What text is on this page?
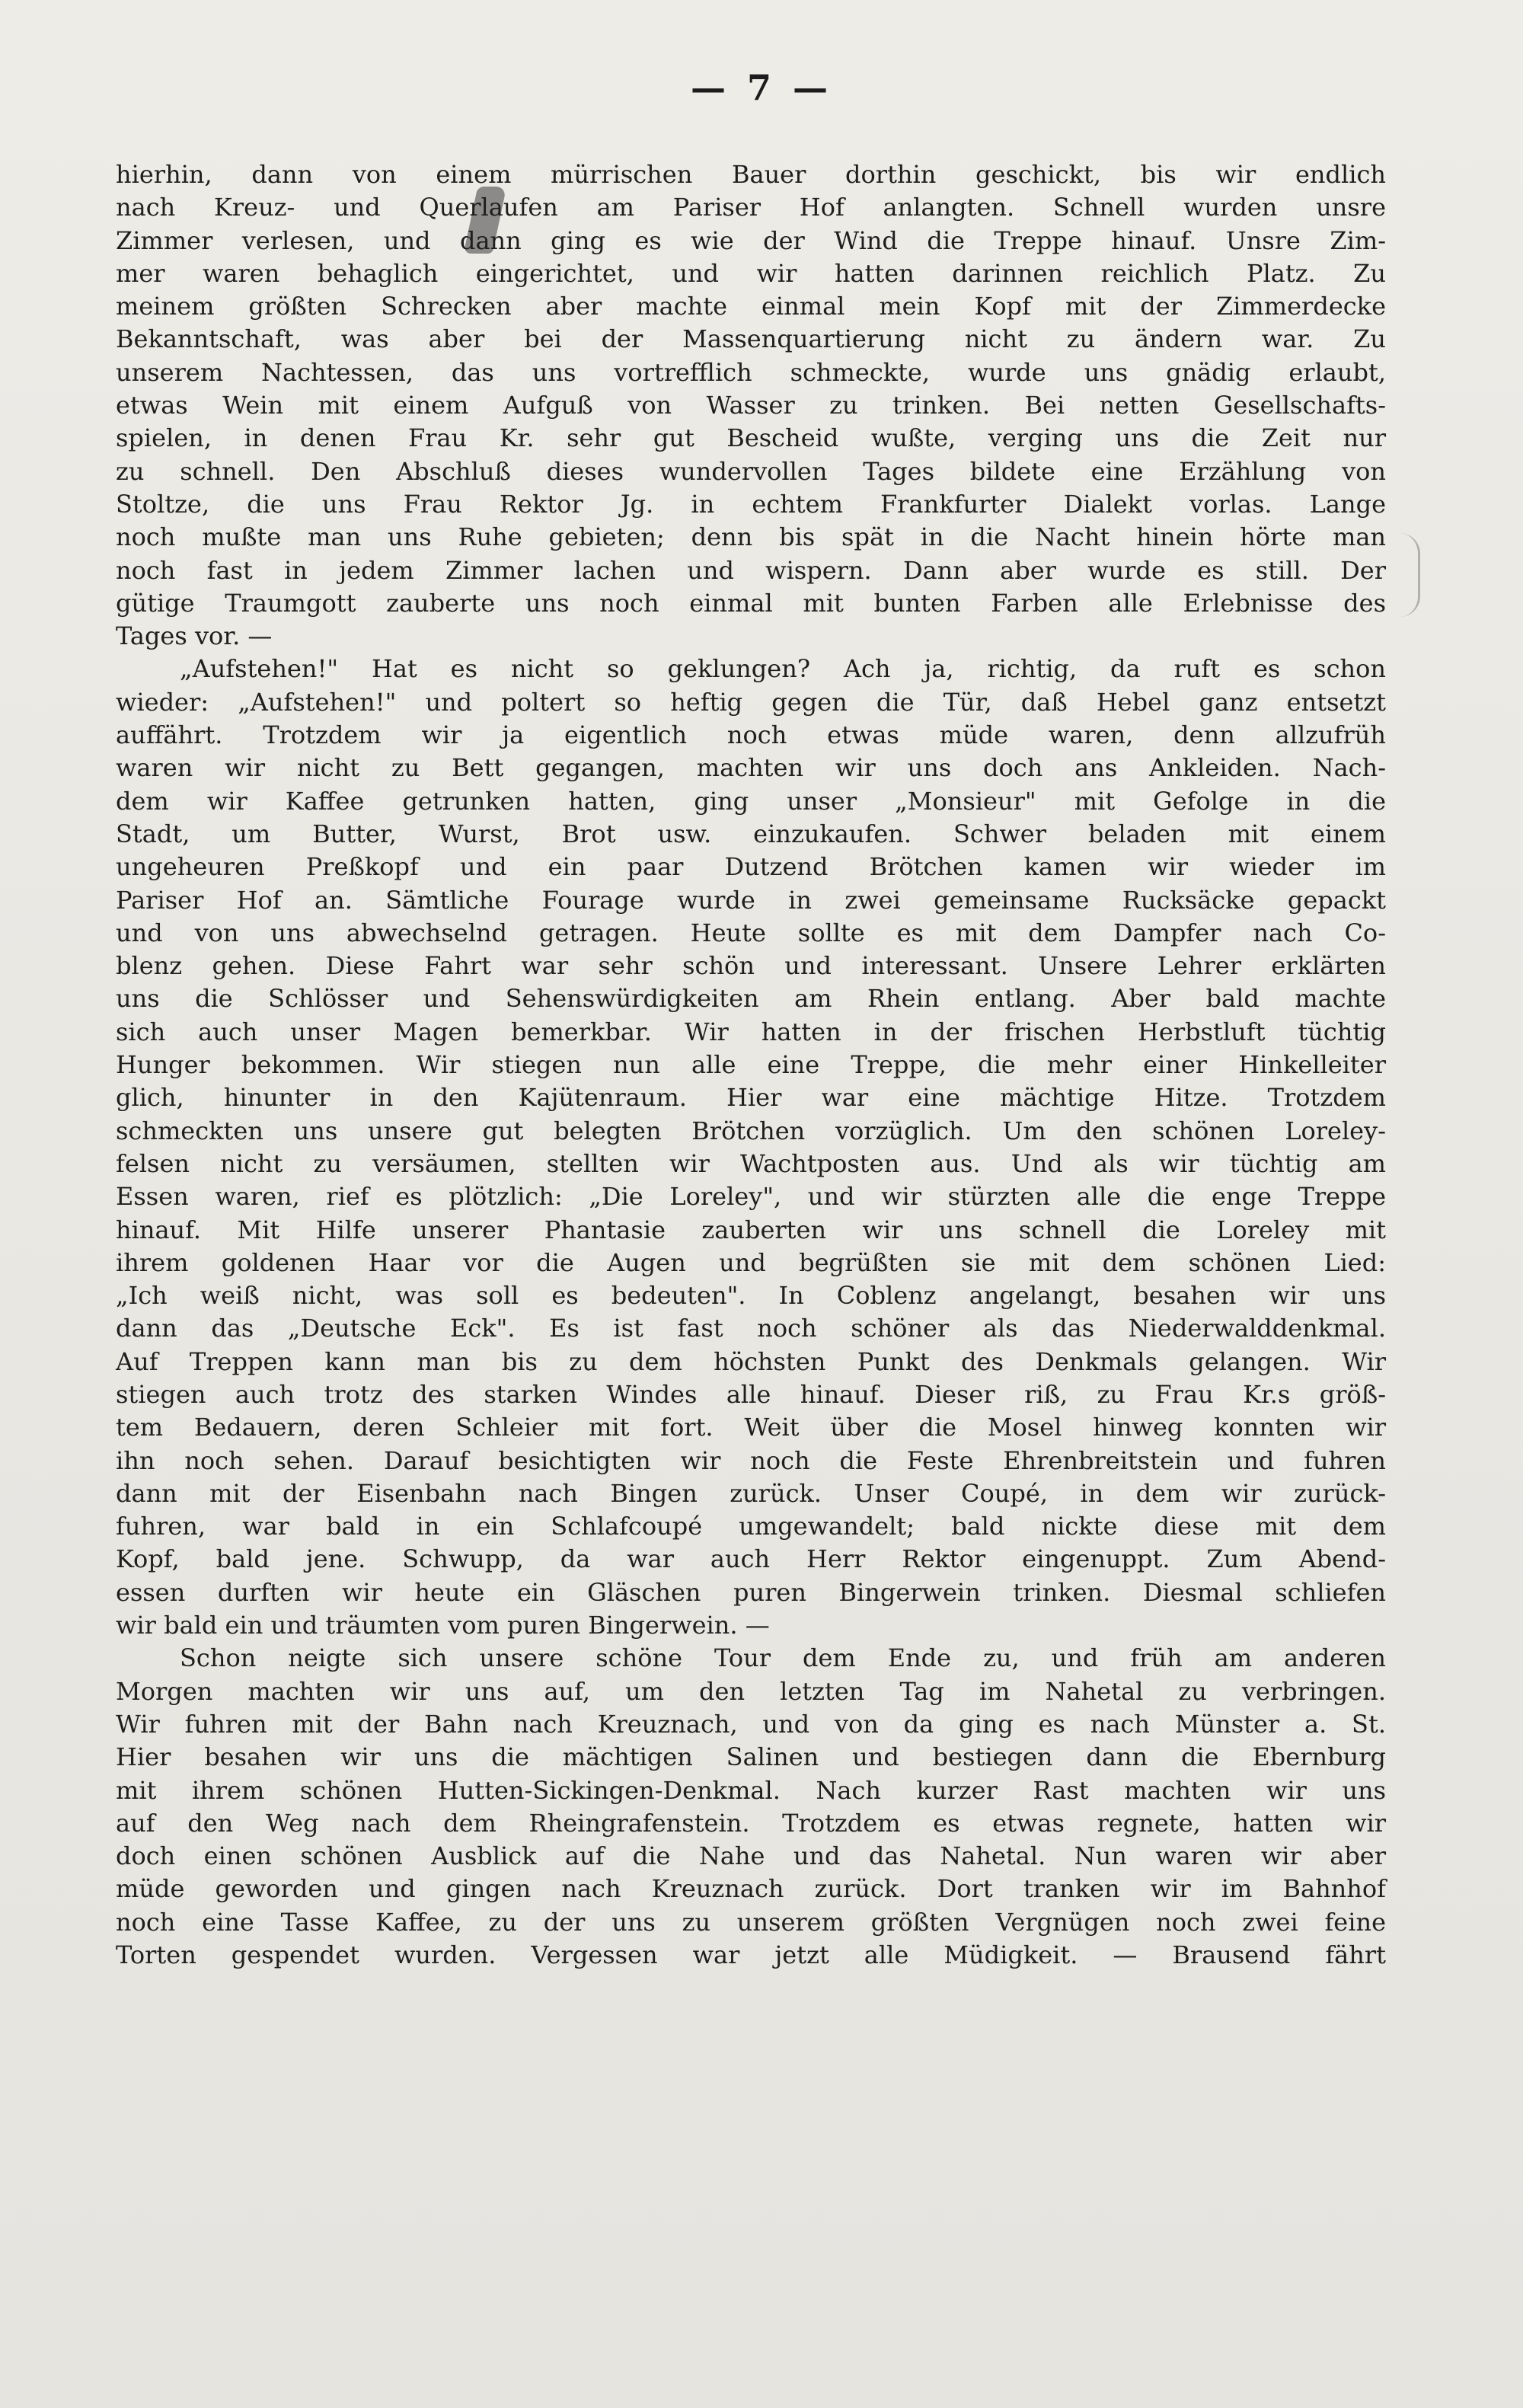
— 7 —
hierhin, dann von einem mürrischen Bauer dorthin geschickt, bis wir endlich
nach Kreuz- und Querlaufen am Pariser Hof anlangten. Schnell wurden unsre
Zimmer verlesen, und dann ging es wie der Wind die Treppe hinauf. Unsre Zim-
mer waren behaglich eingerichtet, und wir hatten darinnen reichlich Platz. Zu
meinem größten Schrecken aber machte einmal mein Kopf mit der Zimmerdecke
Bekanntschaft, was aber bei der Massenquartierung nicht zu ändern war. Zu
unserem Nachtessen, das uns vortrefflich schmeckte, wurde uns gnädig erlaubt,
etwas Wein mit einem Aufguß von Wasser zu trinken. Bei netten Gesellschafts-
spielen, in denen Frau Kr. sehr gut Bescheid wußte, verging uns die Zeit nur
zu schnell. Den Abschluß dieses wundervollen Tages bildete eine Erzählung von
Stoltze, die uns Frau Rektor Jg. in echtem Frankfurter Dialekt vorlas. Lange
noch mußte man uns Ruhe gebieten; denn bis spät in die Nacht hinein hörte man
noch fast in jedem Zimmer lachen und wispern. Dann aber wurde es still. Der
gütige Traumgott zauberte uns noch einmal mit bunten Farben alle Erlebnisse des
Tages vor. —
„Aufstehen!" Hat es nicht so geklungen? Ach ja, richtig, da ruft es schon
wieder: „Aufstehen!" und poltert so heftig gegen die Tür, daß Hebel ganz entsetzt
auffährt. Trotzdem wir ja eigentlich noch etwas müde waren, denn allzufrüh
waren wir nicht zu Bett gegangen, machten wir uns doch ans Ankleiden. Nach-
dem wir Kaffee getrunken hatten, ging unser „Monsieur" mit Gefolge in die
Stadt, um Butter, Wurst, Brot usw. einzukaufen. Schwer beladen mit einem
ungeheuren Preßkopf und ein paar Dutzend Brötchen kamen wir wieder im
Pariser Hof an. Sämtliche Fourage wurde in zwei gemeinsame Rucksäcke gepackt
und von uns abwechselnd getragen. Heute sollte es mit dem Dampfer nach Co-
blenz gehen. Diese Fahrt war sehr schön und interessant. Unsere Lehrer erklärten
uns die Schlösser und Sehenswürdigkeiten am Rhein entlang. Aber bald machte
sich auch unser Magen bemerkbar. Wir hatten in der frischen Herbstluft tüchtig
Hunger bekommen. Wir stiegen nun alle eine Treppe, die mehr einer Hinkelleiter
glich, hinunter in den Kajütenraum. Hier war eine mächtige Hitze. Trotzdem
schmeckten uns unsere gut belegten Brötchen vorzüglich. Um den schönen Loreley-
felsen nicht zu versäumen, stellten wir Wachtposten aus. Und als wir tüchtig am
Essen waren, rief es plötzlich: „Die Loreley", und wir stürzten alle die enge Treppe
hinauf. Mit Hilfe unserer Phantasie zauberten wir uns schnell die Loreley mit
ihrem goldenen Haar vor die Augen und begrüßten sie mit dem schönen Lied:
„Ich weiß nicht, was soll es bedeuten". In Coblenz angelangt, besahen wir uns
dann das „Deutsche Eck". Es ist fast noch schöner als das Niederwalddenkmal.
Auf Treppen kann man bis zu dem höchsten Punkt des Denkmals gelangen. Wir
stiegen auch trotz des starken Windes alle hinauf. Dieser riß, zu Frau Kr.s größ-
tem Bedauern, deren Schleier mit fort. Weit über die Mosel hinweg konnten wir
ihn noch sehen. Darauf besichtigten wir noch die Feste Ehrenbreitstein und fuhren
dann mit der Eisenbahn nach Bingen zurück. Unser Coupé, in dem wir zurück-
fuhren, war bald in ein Schlafcoupé umgewandelt; bald nickte diese mit dem
Kopf, bald jene. Schwupp, da war auch Herr Rektor eingenuppt. Zum Abend-
essen durften wir heute ein Gläschen puren Bingerwein trinken. Diesmal schliefen
wir bald ein und träumten vom puren Bingerwein. —
Schon neigte sich unsere schöne Tour dem Ende zu, und früh am anderen
Morgen machten wir uns auf, um den letzten Tag im Nahetal zu verbringen.
Wir fuhren mit der Bahn nach Kreuznach, und von da ging es nach Münster a. St.
Hier besahen wir uns die mächtigen Salinen und bestiegen dann die Ebernburg
mit ihrem schönen Hutten-Sickingen-Denkmal. Nach kurzer Rast machten wir uns
auf den Weg nach dem Rheingrafenstein. Trotzdem es etwas regnete, hatten wir
doch einen schönen Ausblick auf die Nahe und das Nahetal. Nun waren wir aber
müde geworden und gingen nach Kreuznach zurück. Dort tranken wir im Bahnhof
noch eine Tasse Kaffee, zu der uns zu unserem größten Vergnügen noch zwei feine
Torten gespendet wurden. Vergessen war jetzt alle Müdigkeit. — Brausend fährt
